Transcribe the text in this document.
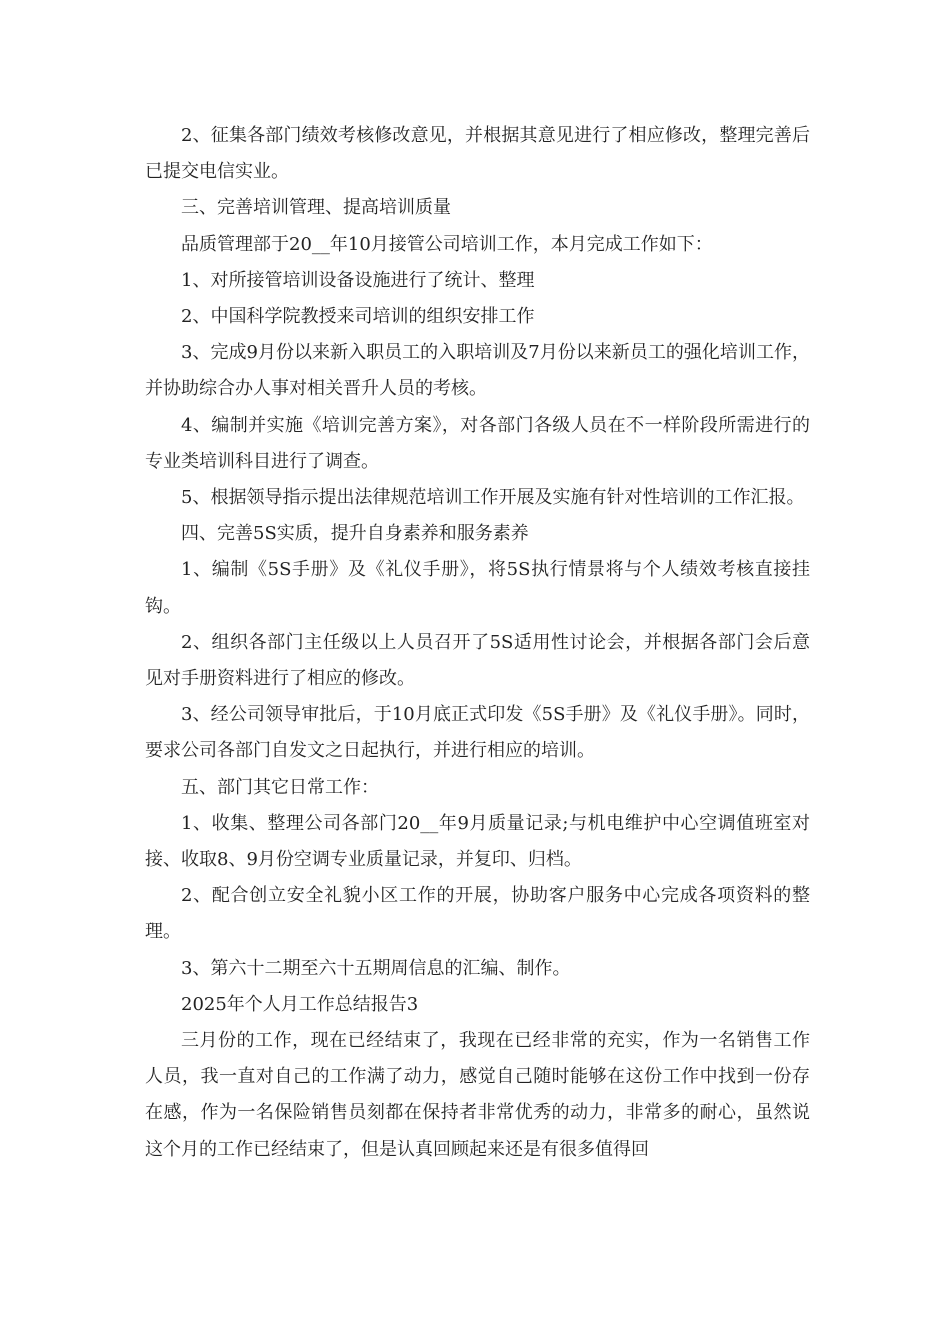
2、征集各部门绩效考核修改意见，并根据其意见进行了相应修改，整理完善后已提交电信实业。

三、完善培训管理、提高培训质量

品质管理部于20__年10月接管公司培训工作，本月完成工作如下：

1、对所接管培训设备设施进行了统计、整理

2、中国科学院教授来司培训的组织安排工作

3、完成9月份以来新入职员工的入职培训及7月份以来新员工的强化培训工作，并协助综合办人事对相关晋升人员的考核。

4、编制并实施《培训完善方案》，对各部门各级人员在不一样阶段所需进行的专业类培训科目进行了调查。

5、根据领导指示提出法律规范培训工作开展及实施有针对性培训的工作汇报。

四、完善5S实质，提升自身素养和服务素养

1、编制《5S手册》及《礼仪手册》，将5S执行情景将与个人绩效考核直接挂钩。

2、组织各部门主任级以上人员召开了5S适用性讨论会，并根据各部门会后意见对手册资料进行了相应的修改。

3、经公司领导审批后，于10月底正式印发《5S手册》及《礼仪手册》。同时，要求公司各部门自发文之日起执行，并进行相应的培训。

五、部门其它日常工作：

1、收集、整理公司各部门20__年9月质量记录;与机电维护中心空调值班室对接、收取8、9月份空调专业质量记录，并复印、归档。

2、配合创立安全礼貌小区工作的开展，协助客户服务中心完成各项资料的整理。

3、第六十二期至六十五期周信息的汇编、制作。

2025年个人月工作总结报告3

三月份的工作，现在已经结束了，我现在已经非常的充实，作为一名销售工作人员，我一直对自己的工作满了动力，感觉自己随时能够在这份工作中找到一份存在感，作为一名保险销售员刻都在保持者非常优秀的动力，非常多的耐心，虽然说这个月的工作已经结束了，但是认真回顾起来还是有很多值得回
